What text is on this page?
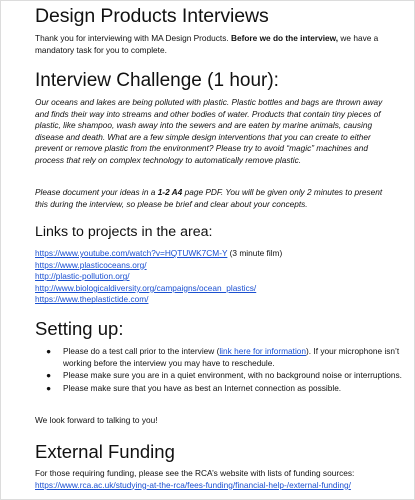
Design Products Interviews

Thank you for interviewing with MA Design Products. Before we do the interview, we have a mandatory task for you to complete.

Interview Challenge (1 hour):

Our oceans and lakes are being polluted with plastic. Plastic bottles and bags are thrown away and finds their way into streams and other bodies of water. Products that contain tiny pieces of plastic, like shampoo, wash away into the sewers and are eaten by marine animals, causing disease and death. What are a few simple design interventions that you can create to either prevent or remove plastic from the environment? Please try to avoid “magic” machines and process that rely on complex technology to automatically remove plastic.

Please document your ideas in a 1-2 A4 page PDF. You will be given only 2 minutes to present this during the interview, so please be brief and clear about your concepts.

Links to projects in the area:
https://www.youtube.com/watch?v=HQTUWK7CM-Y (3 minute film)
https://www.plasticoceans.org/
http://plastic-pollution.org/
http://www.biologicaldiversity.org/campaigns/ocean_plastics/
https://www.theplastictide.com/
Setting up:
● Please do a test call prior to the interview (link here for information). If your microphone isn’t working before the interview you may have to reschedule.
● Please make sure you are in a quiet environment, with no background noise or interruptions.
● Please make sure that you have as best an Internet connection as possible.

We look forward to talking to you!

External Funding
For those requiring funding, please see the RCA’s website with lists of funding sources:
https://www.rca.ac.uk/studying-at-the-rca/fees-funding/financial-help-/external-funding/
